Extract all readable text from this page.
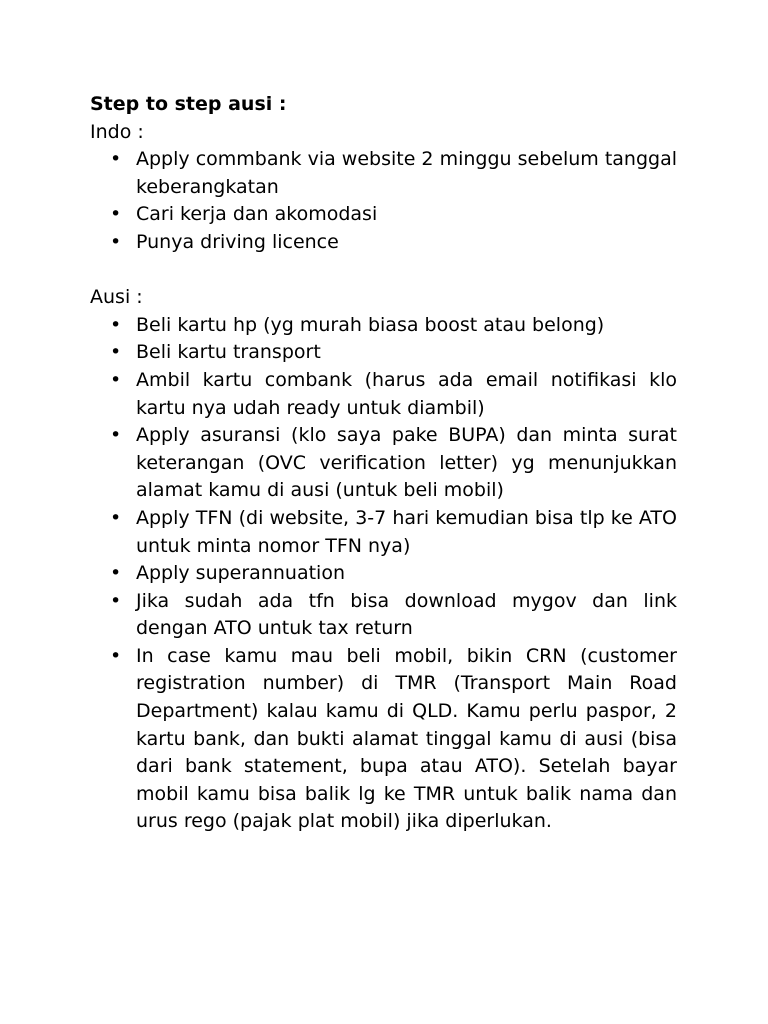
Step to step ausi :

Indo :

• Apply commbank via website 2 minggu sebelum tanggal keberangkatan
• Cari kerja dan akomodasi
• Punya driving licence

Ausi :

• Beli kartu hp (yg murah biasa boost atau belong)
• Beli kartu transport
• Ambil kartu combank (harus ada email notifikasi klo kartu nya udah ready untuk diambil)
• Apply asuransi (klo saya pake BUPA) dan minta surat keterangan (OVC verification letter) yg menunjukkan alamat kamu di ausi (untuk beli mobil)
• Apply TFN (di website, 3-7 hari kemudian bisa tlp ke ATO untuk minta nomor TFN nya)
• Apply superannuation
• Jika sudah ada tfn bisa download mygov dan link dengan ATO untuk tax return
• In case kamu mau beli mobil, bikin CRN (customer registration number) di TMR (Transport Main Road Department) kalau kamu di QLD. Kamu perlu paspor, 2 kartu bank, dan bukti alamat tinggal kamu di ausi (bisa dari bank statement, bupa atau ATO). Setelah bayar mobil kamu bisa balik lg ke TMR untuk balik nama dan urus rego (pajak plat mobil) jika diperlukan.
